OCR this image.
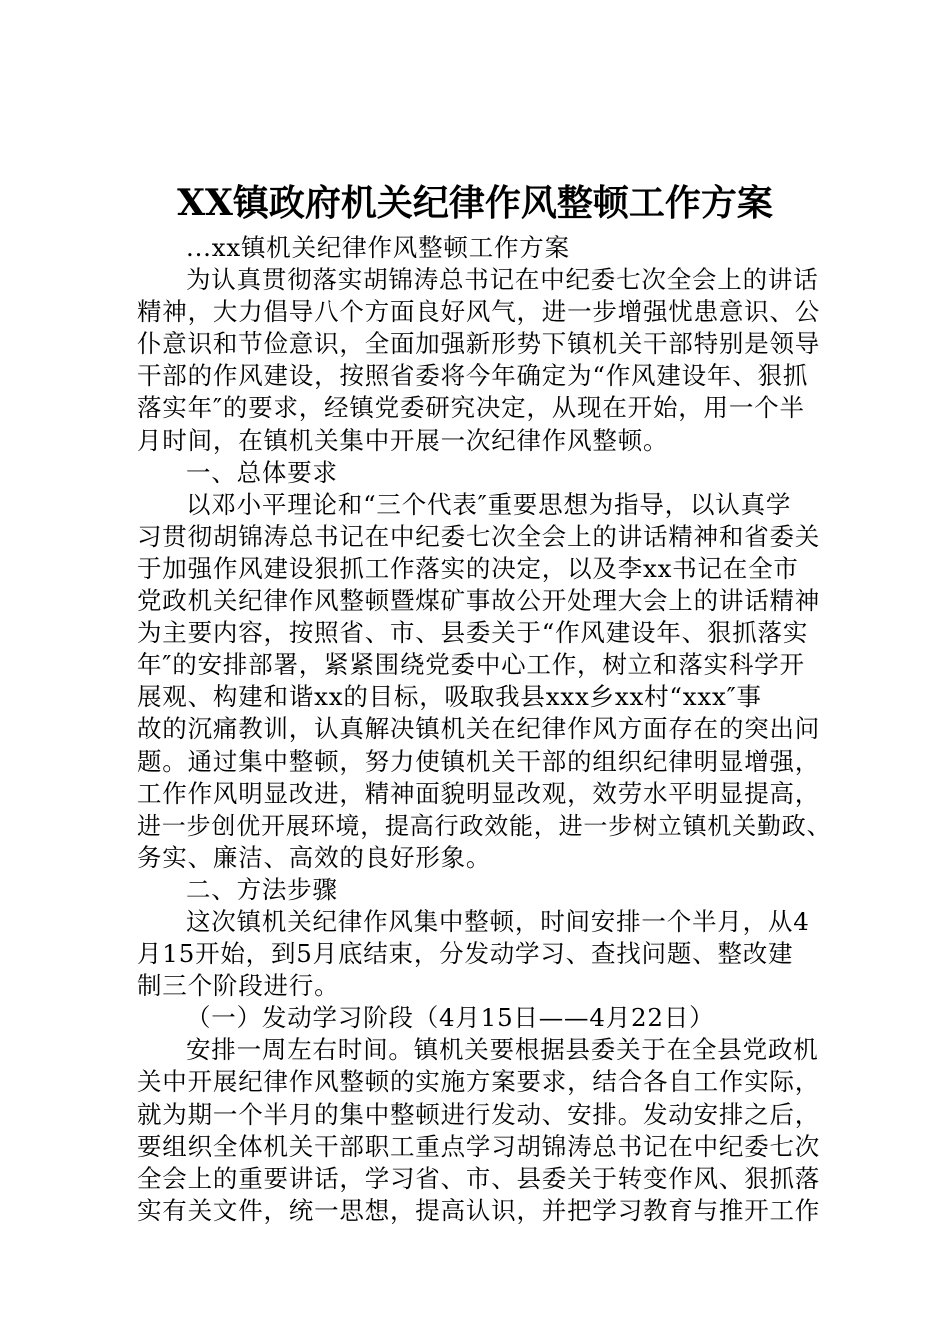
XX镇政府机关纪律作风整顿工作方案
...xx镇机关纪律作风整顿工作方案
为认真贯彻落实胡锦涛总书记在中纪委七次全会上的讲话
精神，大力倡导八个方面良好风气，进一步增强忧患意识、公
仆意识和节俭意识，全面加强新形势下镇机关干部特别是领导
干部的作风建设，按照省委将今年确定为“作风建设年、狠抓
落实年″的要求，经镇党委研究决定，从现在开始，用一个半
月时间，在镇机关集中开展一次纪律作风整顿。
一、总体要求
以邓小平理论和“三个代表″重要思想为指导，以认真学
习贯彻胡锦涛总书记在中纪委七次全会上的讲话精神和省委关
于加强作风建设狠抓工作落实的决定，以及李xx书记在全市
党政机关纪律作风整顿暨煤矿事故公开处理大会上的讲话精神
为主要内容，按照省、市、县委关于“作风建设年、狠抓落实
年″的安排部署，紧紧围绕党委中心工作，树立和落实科学开
展观、构建和谐xx的目标，吸取我县xxx乡xx村“xxx″事
故的沉痛教训，认真解决镇机关在纪律作风方面存在的突出问
题。通过集中整顿，努力使镇机关干部的组织纪律明显增强，
工作作风明显改进，精神面貌明显改观，效劳水平明显提高，
进一步创优开展环境，提高行政效能，进一步树立镇机关勤政、
务实、廉洁、高效的良好形象。
二、方法步骤
这次镇机关纪律作风集中整顿，时间安排一个半月，从4
月15开始，到5月底结束，分发动学习、查找问题、整改建
制三个阶段进行。
（一）发动学习阶段（4月15日——4月22日）
安排一周左右时间。镇机关要根据县委关于在全县党政机
关中开展纪律作风整顿的实施方案要求，结合各自工作实际，
就为期一个半月的集中整顿进行发动、安排。发动安排之后，
要组织全体机关干部职工重点学习胡锦涛总书记在中纪委七次
全会上的重要讲话，学习省、市、县委关于转变作风、狠抓落
实有关文件，统一思想，提高认识，并把学习教育与推开工作
